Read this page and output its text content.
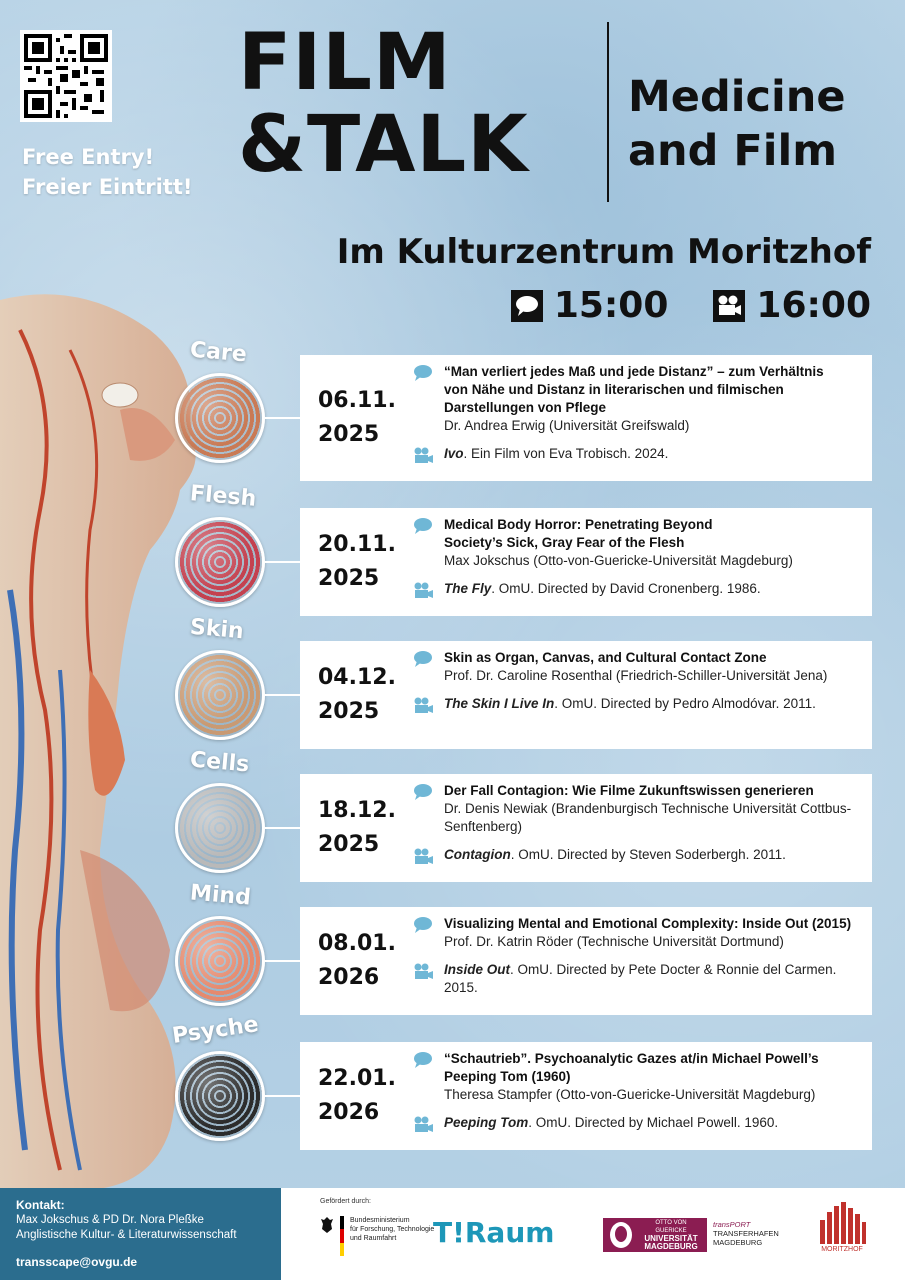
Free Entry!
Freier Eintritt!
FILM
&TALK
Medicine
and Film
Im Kulturzentrum Moritzhof
15:00 16:00
Care
06.11.
2025
“Man verliert jedes Maß und jede Distanz” – zum Verhältnis
von Nähe und Distanz in literarischen und filmischen
Darstellungen von Pflege
Dr. Andrea Erwig (Universität Greifswald)
Ivo. Ein Film von Eva Trobisch. 2024.
Flesh
20.11.
2025
Medical Body Horror: Penetrating Beyond
Society’s Sick, Gray Fear of the Flesh
Max Jokschus (Otto-von-Guericke-Universität Magdeburg)
The Fly. OmU. Directed by David Cronenberg. 1986.
Skin
04.12.
2025
Skin as Organ, Canvas, and Cultural Contact Zone
Prof. Dr. Caroline Rosenthal (Friedrich-Schiller-Universität Jena)
The Skin I Live In. OmU. Directed by Pedro Almodóvar. 2011.
Cells
18.12.
2025
Der Fall Contagion: Wie Filme Zukunftswissen generieren
Dr. Denis Newiak (Brandenburgisch Technische Universität Cottbus-Senftenberg)
Contagion. OmU. Directed by Steven Soderbergh. 2011.
Mind
08.01.
2026
Visualizing Mental and Emotional Complexity: Inside Out (2015)
Prof. Dr. Katrin Röder (Technische Universität Dortmund)
Inside Out. OmU. Directed by Pete Docter & Ronnie del Carmen. 2015.
Psyche
22.01.
2026
“Schautrieb”. Psychoanalytic Gazes at/in Michael Powell’s
Peeping Tom (1960)
Theresa Stampfer (Otto-von-Guericke-Universität Magdeburg)
Peeping Tom. OmU. Directed by Michael Powell. 1960.
Kontakt:
Max Jokschus & PD Dr. Nora Pleßke
Anglistische Kultur- & Literaturwissenschaft
transscape@ovgu.de
Gefördert durch:
Bundesministerium
für Forschung, Technologie
und Raumfahrt	T!Raum	OTTO VON GUERICKE
UNIVERSITÄT
MAGDEBURG
transPORT
TRANSFERHAFEN
MAGDEBURG
MORITZHOF
